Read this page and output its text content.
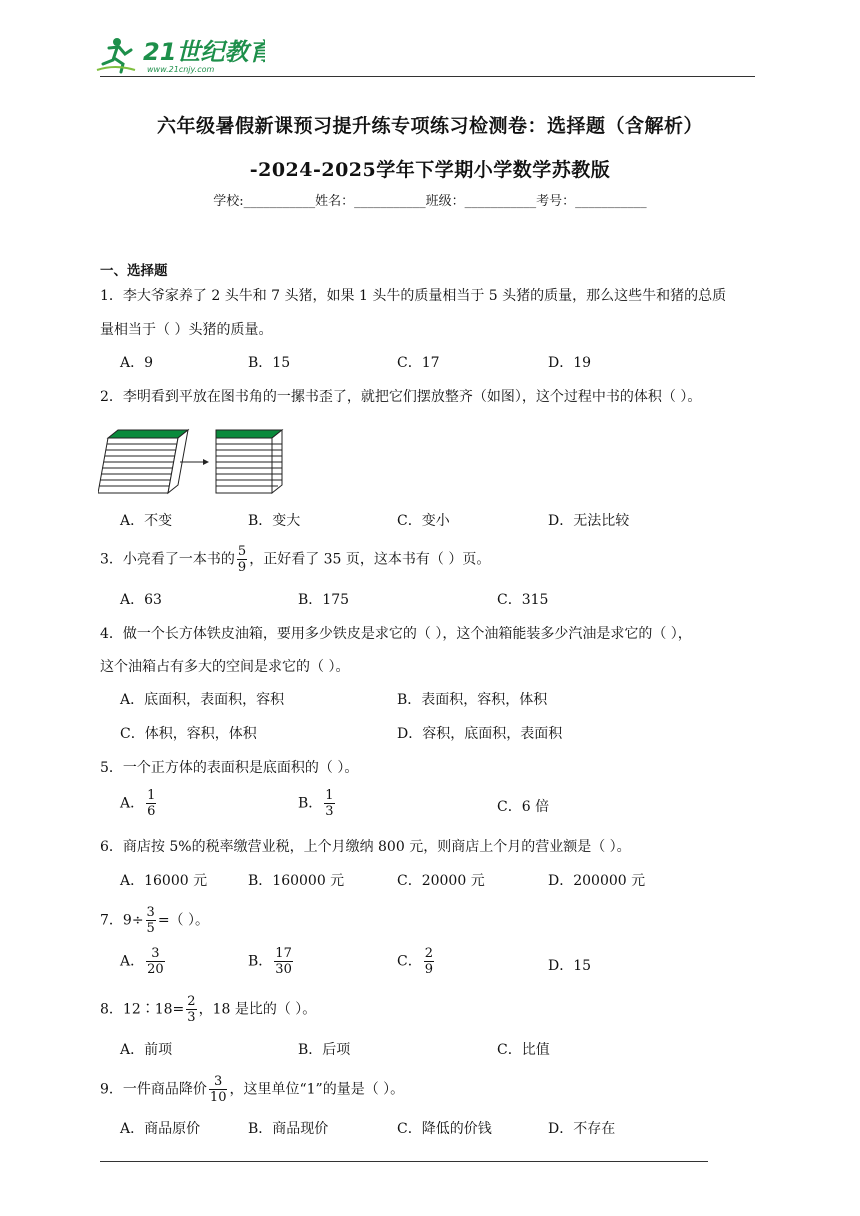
21世纪教育
www.21cnjy.com
六年级暑假新课预习提升练专项练习检测卷：选择题（含解析）
-2024-2025学年下学期小学数学苏教版
学校:___________姓名：___________班级：___________考号：___________
一、选择题
1．李大爷家养了 2 头牛和 7 头猪，如果 1 头牛的质量相当于 5 头猪的质量，那么这些牛和猪的总质
量相当于（ ）头猪的质量。
A．9	B．15	C．17	D．19
2．李明看到平放在图书角的一摞书歪了，就把它们摆放整齐（如图），这个过程中书的体积（ ）。
A．不变	B．变大	C．变小	D．无法比较
3．小亮看了一本书的 $\frac{5}{9}$ ，正好看了 35 页，这本书有（ ）页。
A．63	B．175	C．315
4．做一个长方体铁皮油箱，要用多少铁皮是求它的（ ），这个油箱能装多少汽油是求它的（ ），
这个油箱占有多大的空间是求它的（ ）。
A．底面积，表面积，容积	B．表面积，容积，体积
C．体积，容积，体积	D．容积，底面积，表面积
5．一个正方体的表面积是底面积的（ ）。
A． $\frac{1}{6}$	B． $\frac{1}{3}$	C．6 倍
6．商店按 5%的税率缴营业税，上个月缴纳 800 元，则商店上个月的营业额是（ ）。
A．16000 元	B．160000 元	C．20000 元	D．200000 元
7．$9\div \frac{3}{5}$ =（ ）。
A． $\frac{3}{20}$	B． $\frac{17}{30}$	C． $\frac{2}{9}$	D．15
8．12∶18= $\frac{2}{3}$ ，18 是比的（ ）。
A．前项	B．后项	C．比值
9．一件商品降价 $\frac{3}{10}$ ，这里单位“1”的量是（ ）。
A．商品原价	B．商品现价	C．降低的价钱	D．不存在
